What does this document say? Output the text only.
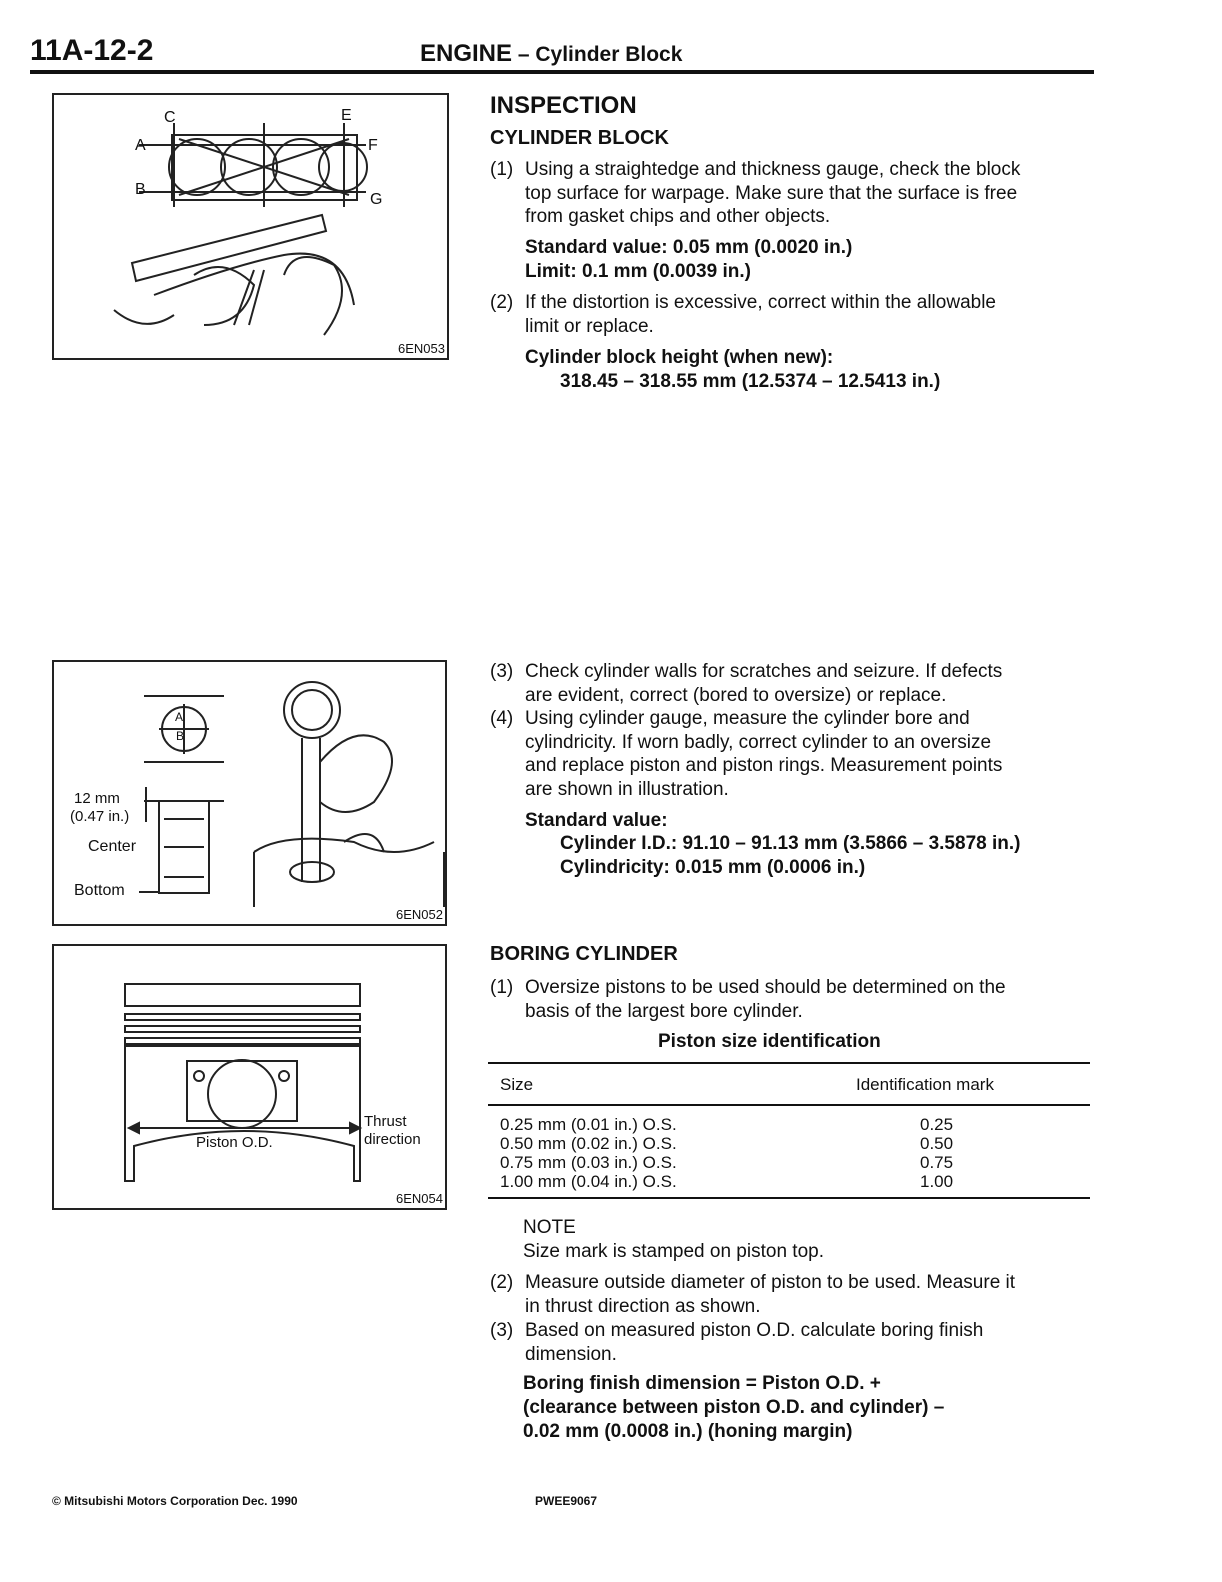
11A-12-2	ENGINE – Cylinder Block
C	E
A	F
B
G
6EN053
A
B
12 mm
(0.47 in.)
Center
Bottom
6EN052
Piston O.D.
Thrust
direction
6EN054
INSPECTION
CYLINDER BLOCK
(1) Using a straightedge and thickness gauge, check the block
top surface for warpage. Make sure that the surface is free
from gasket chips and other objects.
Standard value: 0.05 mm (0.0020 in.)
Limit: 0.1 mm (0.0039 in.)
(2) If the distortion is excessive, correct within the allowable
limit or replace.
Cylinder block height (when new):
318.45 – 318.55 mm (12.5374 – 12.5413 in.)
(3) Check cylinder walls for scratches and seizure. If defects
are evident, correct (bored to oversize) or replace.
(4) Using cylinder gauge, measure the cylinder bore and
cylindricity. If worn badly, correct cylinder to an oversize
and replace piston and piston rings. Measurement points
are shown in illustration.
Standard value:
Cylinder I.D.: 91.10 – 91.13 mm (3.5866 – 3.5878 in.)
Cylindricity: 0.015 mm (0.0006 in.)
BORING CYLINDER
(1) Oversize pistons to be used should be determined on the
basis of the largest bore cylinder.
Piston size identification
Size	Identification mark
0.25 mm (0.01 in.) O.S.	0.25
0.50 mm (0.02 in.) O.S.	0.50
0.75 mm (0.03 in.) O.S.	0.75
1.00 mm (0.04 in.) O.S.	1.00
NOTE
Size mark is stamped on piston top.
(2) Measure outside diameter of piston to be used. Measure it
in thrust direction as shown.
(3) Based on measured piston O.D. calculate boring finish
dimension.
Boring finish dimension = Piston O.D. +
(clearance between piston O.D. and cylinder) –
0.02 mm (0.0008 in.) (honing margin)
© Mitsubishi Motors Corporation Dec. 1990	PWEE9067
